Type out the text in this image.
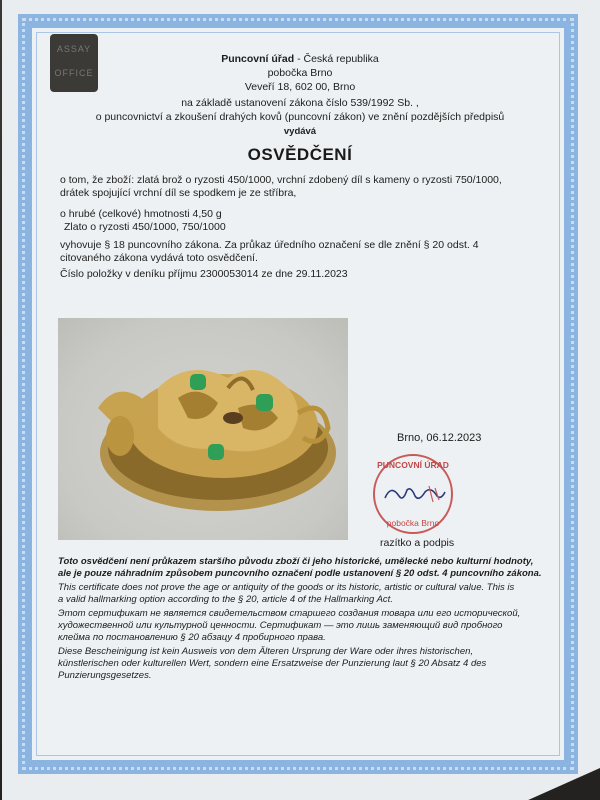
ASSAY
OFFICE
Puncovní úřad - Česká republika
pobočka Brno
Veveří 18, 602 00, Brno
na základě ustanovení zákona číslo 539/1992 Sb. ,
o puncovnictví a zkoušení drahých kovů (puncovní zákon) ve znění pozdějších předpisů
vydává
OSVĚDČENÍ
o tom, že zboží: zlatá brož o ryzosti 450/1000, vrchní zdobený díl s kameny o ryzosti 750/1000,
drátek spojující vrchní díl se spodkem je ze stříbra,
o hrubé (celkové) hmotnosti 4,50 g
Zlato o ryzosti 450/1000, 750/1000
vyhovuje § 18 puncovního zákona. Za průkaz úředního označení se dle znění § 20 odst. 4
citovaného zákona vydává toto osvědčení.
Číslo položky v deníku příjmu 2300053014 ze dne 29.11.2023
Brno, 06.12.2023
PUNCOVNÍ ÚŘAD
pobočka Brno
razítko a podpis
Toto osvědčení není průkazem staršího původu zboží či jeho historické, umělecké nebo kulturní hodnoty,
ale je pouze náhradním způsobem puncovního označení podle ustanovení § 20 odst. 4 puncovního zákona.
This certificate does not prove the age or antiquity of the goods or its historic, artistic or cultural value. This is
a valid hallmarking option according to the § 20, article 4 of the Hallmarking Act.
Этот сертификат не является свидетельством старшего создания товара или его исторической,
художественной или культурной ценности. Сертификат — это лишь заменяющий вид пробного
клейма по постановлению § 20 абзацу 4 пробирного права.
Diese Bescheinigung ist kein Ausweis von dem Älteren Ursprung der Ware oder ihres historischen,
künstlerischen oder kulturellen Wert, sondern eine Ersatzweise der Punzierung laut § 20 Absatz 4 des
Punzierungsgesetzes.
